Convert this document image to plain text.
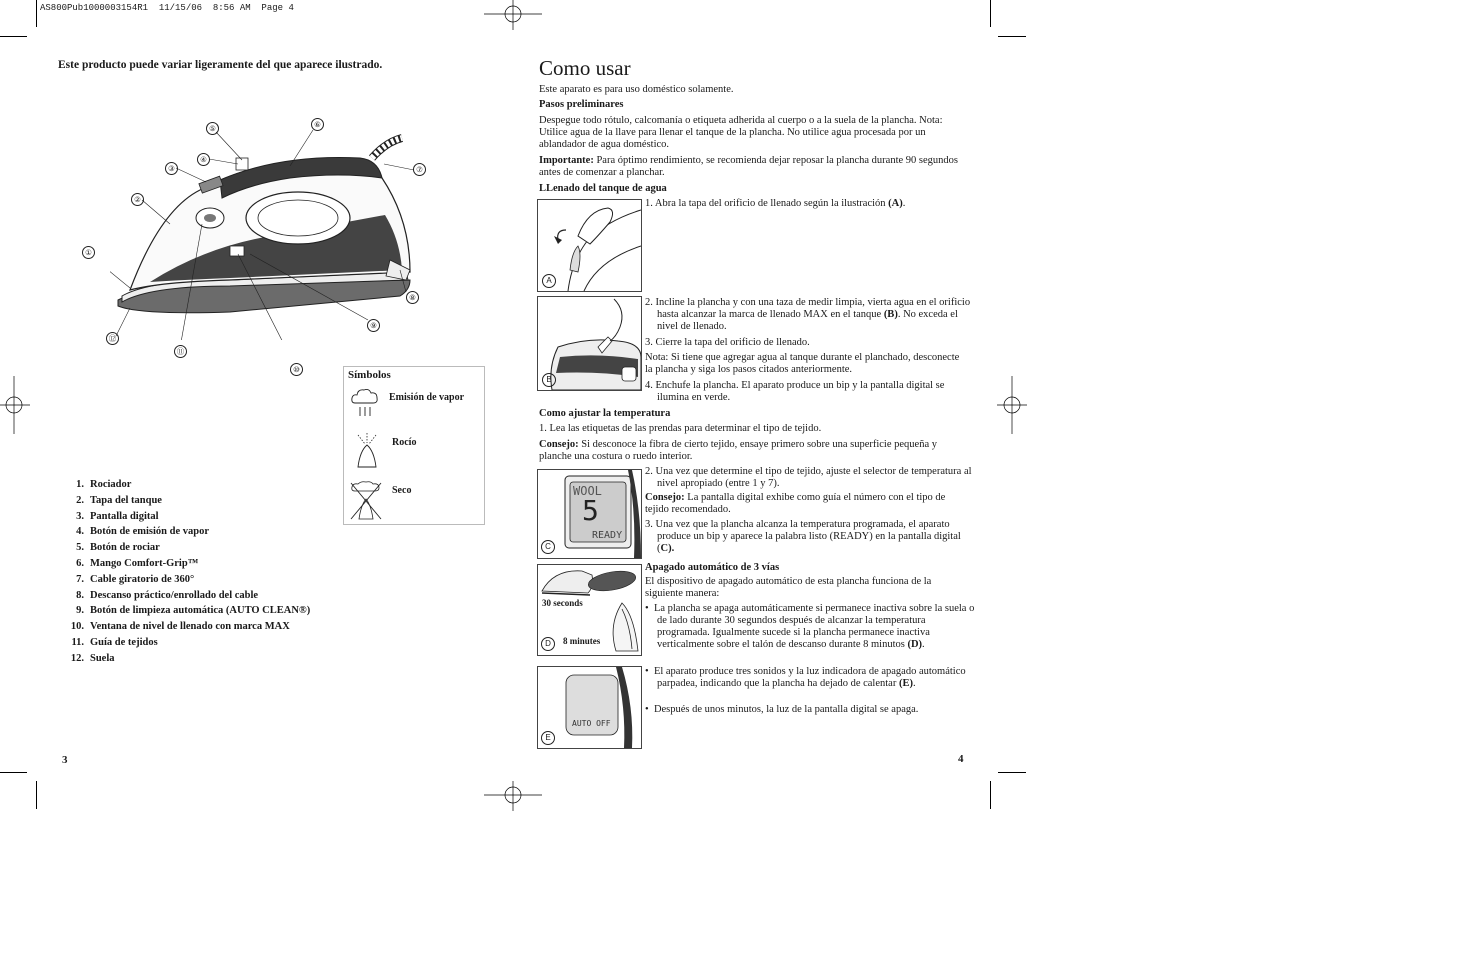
AS800Pub1000003154R1  11/15/06  8:56 AM  Page 4
Este producto puede variar ligeramente del que aparece ilustrado.
①
②
③
④
⑤	⑥
⑦
⑧
⑨
⑩
⑪
⑫
Símbolos
Emisión de vapor
Rocío
Seco
1. Rociador
2. Tapa del tanque
3. Pantalla digital
4. Botón de emisión de vapor
5. Botón de rociar
6. Mango Comfort-Grip™
7. Cable giratorio de 360°
8. Descanso práctico/enrollado del cable
9. Botón de limpieza automática (AUTO CLEAN®)
10. Ventana de nivel de llenado con marca MAX
11. Guía de tejidos
12. Suela
3
Como usar
Este aparato es para uso doméstico solamente.
Pasos preliminares
Despegue todo rótulo, calcomanía o etiqueta adherida al cuerpo o a la suela de la plancha. Nota: Utilice agua de la llave para llenar el tanque de la plancha. No utilice agua procesada por un ablandador de agua doméstico.
Importante: Para óptimo rendimiento, se recomienda dejar reposar la plancha durante 90 segundos antes de comenzar a planchar.
LLenado del tanque de agua
A
1. Abra la tapa del orificio de llenado según la ilustración (A).
B
2. Incline la plancha y con una taza de medir limpia, vierta agua en el orificio hasta alcanzar la marca de llenado MAX en el tanque (B). No exceda el nivel de llenado.
3. Cierre la tapa del orificio de llenado.
Nota: Si tiene que agregar agua al tanque durante el planchado, desconecte la plancha y siga los pasos citados anteriormente.
4. Enchufe la plancha. El aparato produce un bip y la pantalla digital se ilumina en verde.
Como ajustar la temperatura
1. Lea las etiquetas de las prendas para determinar el tipo de tejido.
Consejo: Si desconoce la fibra de cierto tejido, ensaye primero sobre una superficie pequeña y planche una costura o ruedo interior.
WOOL
5
READY
C
2. Una vez que determine el tipo de tejido, ajuste el selector de temperatura al nivel apropiado (entre 1 y 7).
Consejo: La pantalla digital exhibe como guía el número con el tipo de tejido recomendado.
3. Una vez que la plancha alcanza la temperatura programada, el aparato produce un bip y aparece la palabra listo (READY) en la pantalla digital (C).
30 seconds
8 minutes
D
Apagado automático de 3 vías
El dispositivo de apagado automático de esta plancha funciona de la siguiente manera:
•  La plancha se apaga automáticamente si permanece inactiva sobre la suela o de lado durante 30 segundos después de alcanzar la temperatura programada. Igualmente sucede si la plancha permanece inactiva verticalmente sobre el talón de descanso durante 8 minutos (D).
AUTO OFF
E
•  El aparato produce tres sonidos y la luz indicadora de apagado automático parpadea, indicando que la plancha ha dejado de calentar (E).
•  Después de unos minutos, la luz de la pantalla digital se apaga.
4
